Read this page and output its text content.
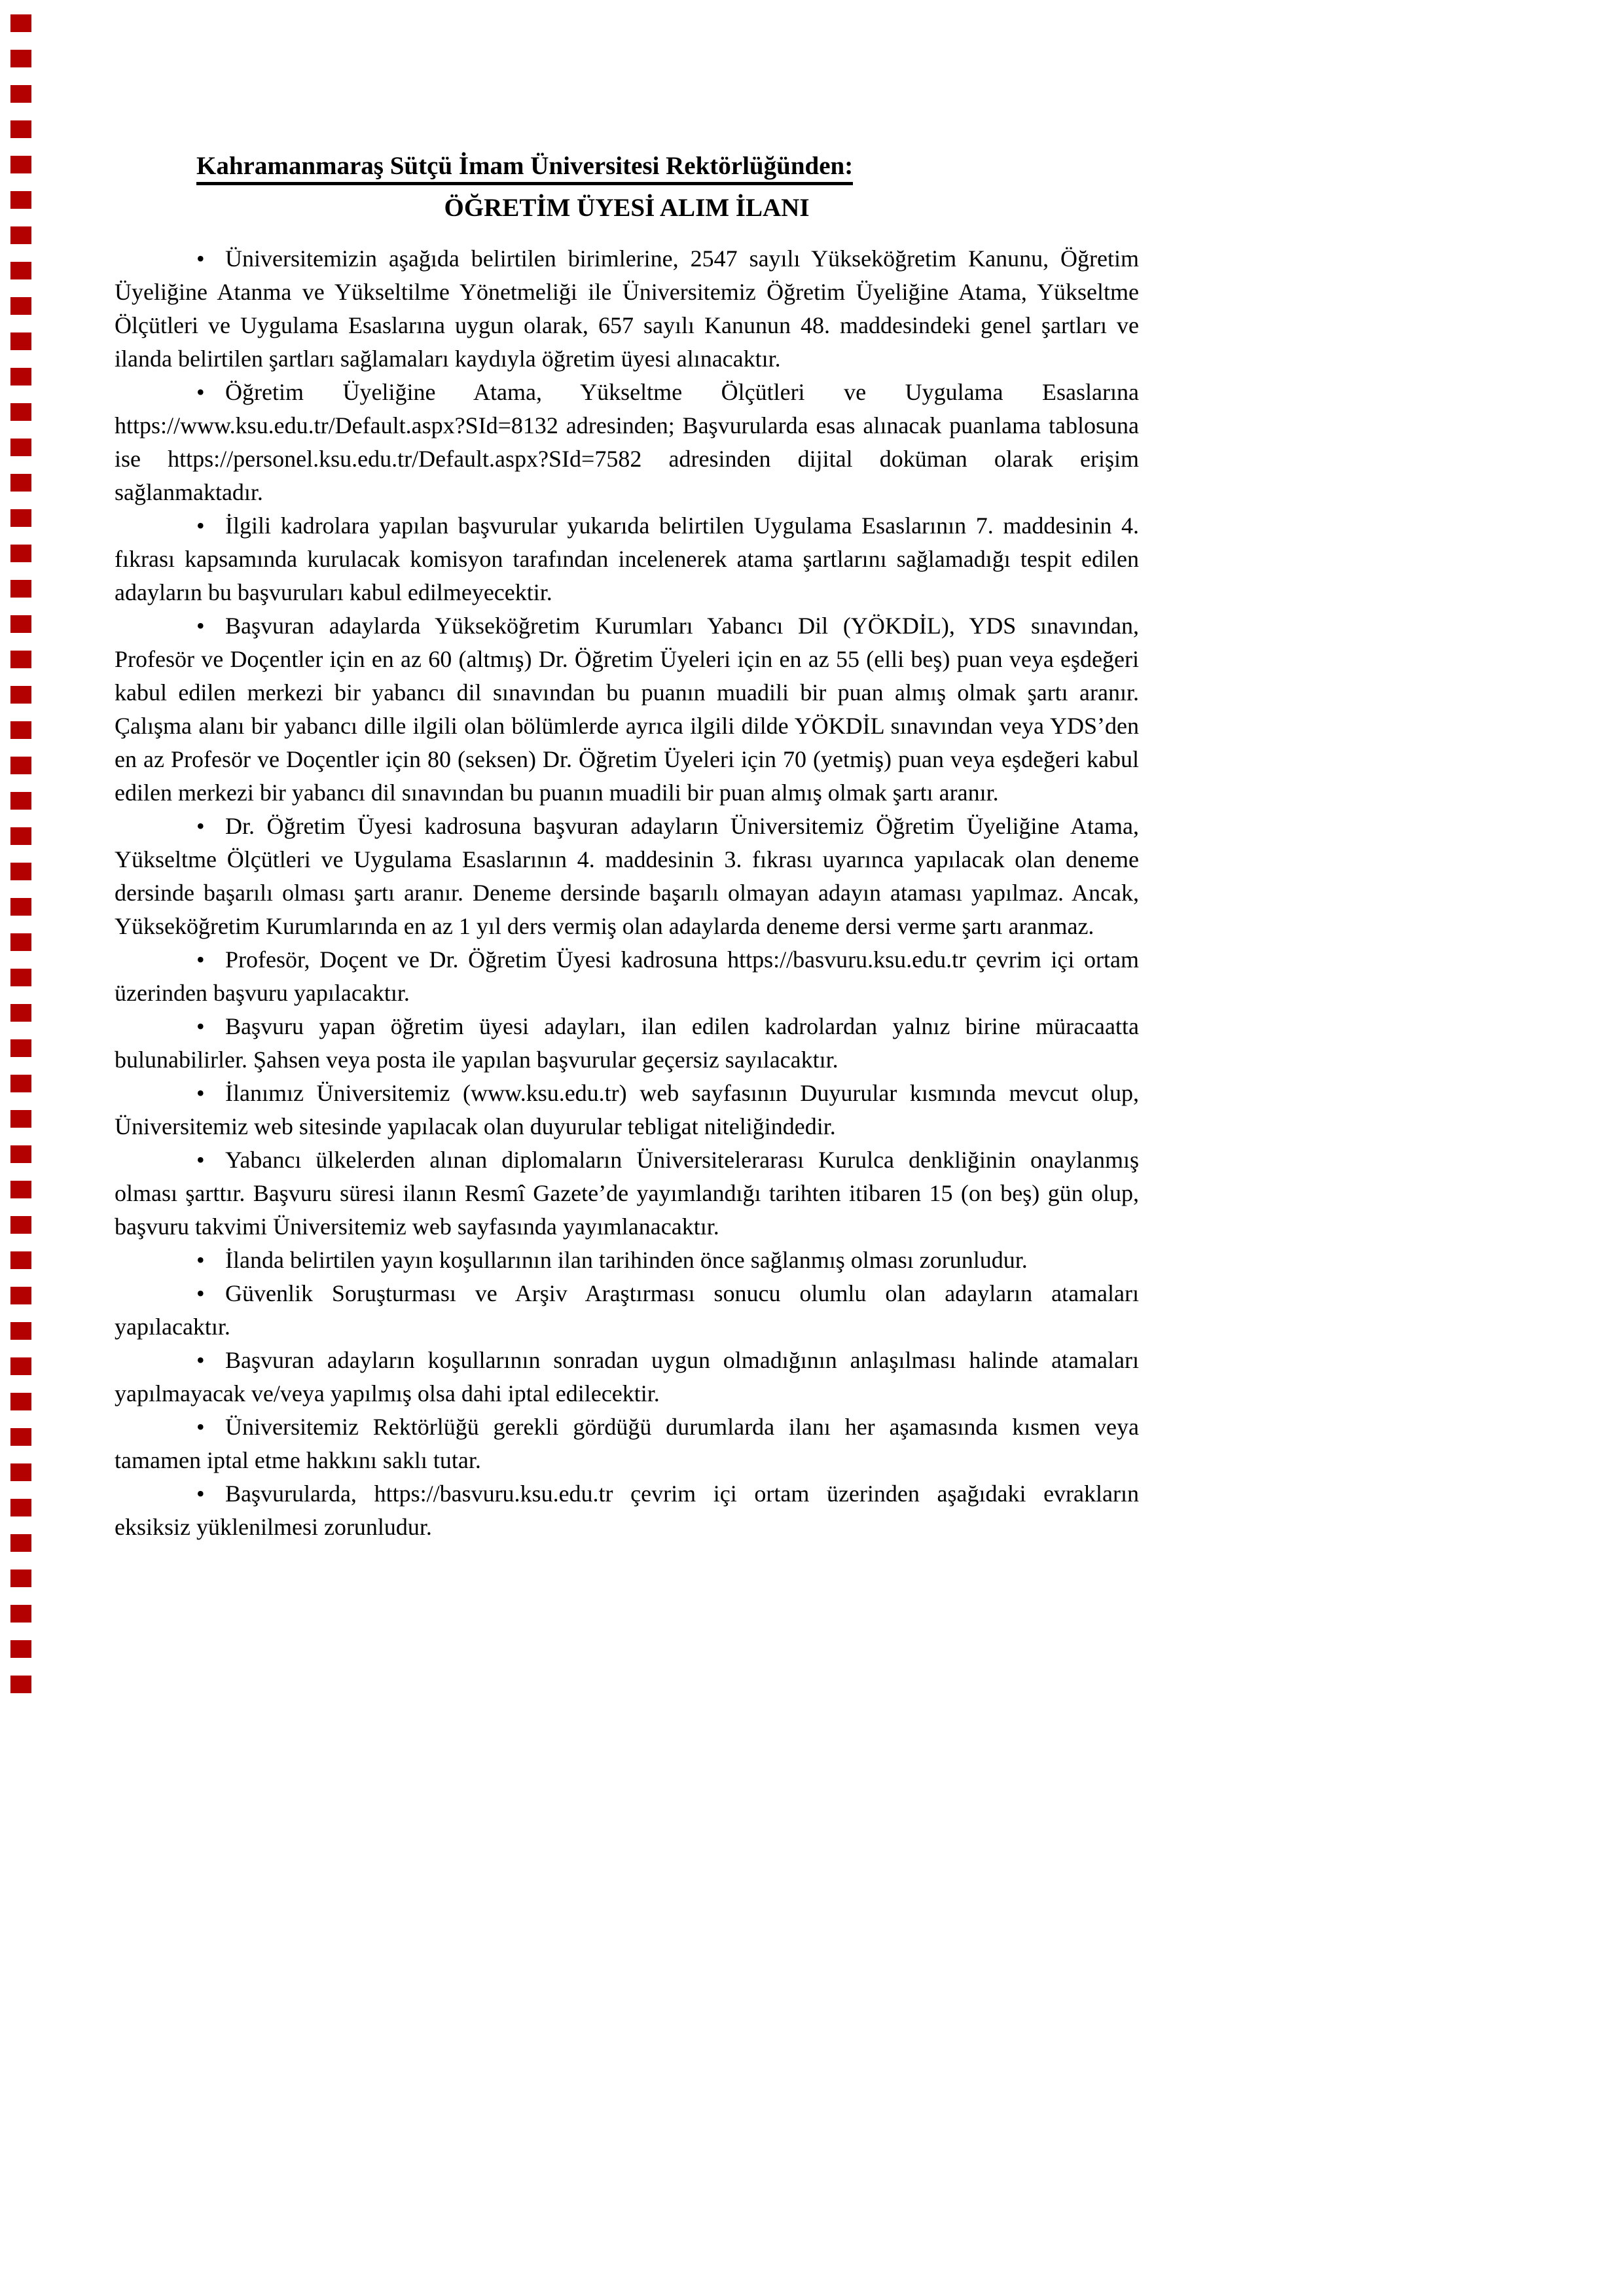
Kahramanmaraş Sütçü İmam Üniversitesi Rektörlüğünden:
ÖĞRETİM ÜYESİ ALIM İLANI

• Üniversitemizin aşağıda belirtilen birimlerine, 2547 sayılı Yükseköğretim Kanunu, Öğretim Üyeliğine Atanma ve Yükseltilme Yönetmeliği ile Üniversitemiz Öğretim Üyeliğine Atama, Yükseltme Ölçütleri ve Uygulama Esaslarına uygun olarak, 657 sayılı Kanunun 48. maddesindeki genel şartları ve ilanda belirtilen şartları sağlamaları kaydıyla öğretim üyesi alınacaktır.

• Öğretim Üyeliğine Atama, Yükseltme Ölçütleri ve Uygulama Esaslarına https://www.ksu.edu.tr/Default.aspx?SId=8132 adresinden; Başvurularda esas alınacak puanlama tablosuna ise https://personel.ksu.edu.tr/Default.aspx?SId=7582 adresinden dijital doküman olarak erişim sağlanmaktadır.

• İlgili kadrolara yapılan başvurular yukarıda belirtilen Uygulama Esaslarının 7. maddesinin 4. fıkrası kapsamında kurulacak komisyon tarafından incelenerek atama şartlarını sağlamadığı tespit edilen adayların bu başvuruları kabul edilmeyecektir.

• Başvuran adaylarda Yükseköğretim Kurumları Yabancı Dil (YÖKDİL), YDS sınavından, Profesör ve Doçentler için en az 60 (altmış) Dr. Öğretim Üyeleri için en az 55 (elli beş) puan veya eşdeğeri kabul edilen merkezi bir yabancı dil sınavından bu puanın muadili bir puan almış olmak şartı aranır. Çalışma alanı bir yabancı dille ilgili olan bölümlerde ayrıca ilgili dilde YÖKDİL sınavından veya YDS’den en az Profesör ve Doçentler için 80 (seksen) Dr. Öğretim Üyeleri için 70 (yetmiş) puan veya eşdeğeri kabul edilen merkezi bir yabancı dil sınavından bu puanın muadili bir puan almış olmak şartı aranır.

• Dr. Öğretim Üyesi kadrosuna başvuran adayların Üniversitemiz Öğretim Üyeliğine Atama, Yükseltme Ölçütleri ve Uygulama Esaslarının 4. maddesinin 3. fıkrası uyarınca yapılacak olan deneme dersinde başarılı olması şartı aranır. Deneme dersinde başarılı olmayan adayın ataması yapılmaz. Ancak, Yükseköğretim Kurumlarında en az 1 yıl ders vermiş olan adaylarda deneme dersi verme şartı aranmaz.

• Profesör, Doçent ve Dr. Öğretim Üyesi kadrosuna https://basvuru.ksu.edu.tr çevrim içi ortam üzerinden başvuru yapılacaktır.

• Başvuru yapan öğretim üyesi adayları, ilan edilen kadrolardan yalnız birine müracaatta bulunabilirler. Şahsen veya posta ile yapılan başvurular geçersiz sayılacaktır.

• İlanımız Üniversitemiz (www.ksu.edu.tr) web sayfasının Duyurular kısmında mevcut olup, Üniversitemiz web sitesinde yapılacak olan duyurular tebligat niteliğindedir.

• Yabancı ülkelerden alınan diplomaların Üniversitelerarası Kurulca denkliğinin onaylanmış olması şarttır. Başvuru süresi ilanın Resmî Gazete’de yayımlandığı tarihten itibaren 15 (on beş) gün olup, başvuru takvimi Üniversitemiz web sayfasında yayımlanacaktır.

• İlanda belirtilen yayın koşullarının ilan tarihinden önce sağlanmış olması zorunludur.

• Güvenlik Soruşturması ve Arşiv Araştırması sonucu olumlu olan adayların atamaları yapılacaktır.

• Başvuran adayların koşullarının sonradan uygun olmadığının anlaşılması halinde atamaları yapılmayacak ve/veya yapılmış olsa dahi iptal edilecektir.

• Üniversitemiz Rektörlüğü gerekli gördüğü durumlarda ilanı her aşamasında kısmen veya tamamen iptal etme hakkını saklı tutar.

• Başvurularda, https://basvuru.ksu.edu.tr çevrim içi ortam üzerinden aşağıdaki evrakların eksiksiz yüklenilmesi zorunludur.
